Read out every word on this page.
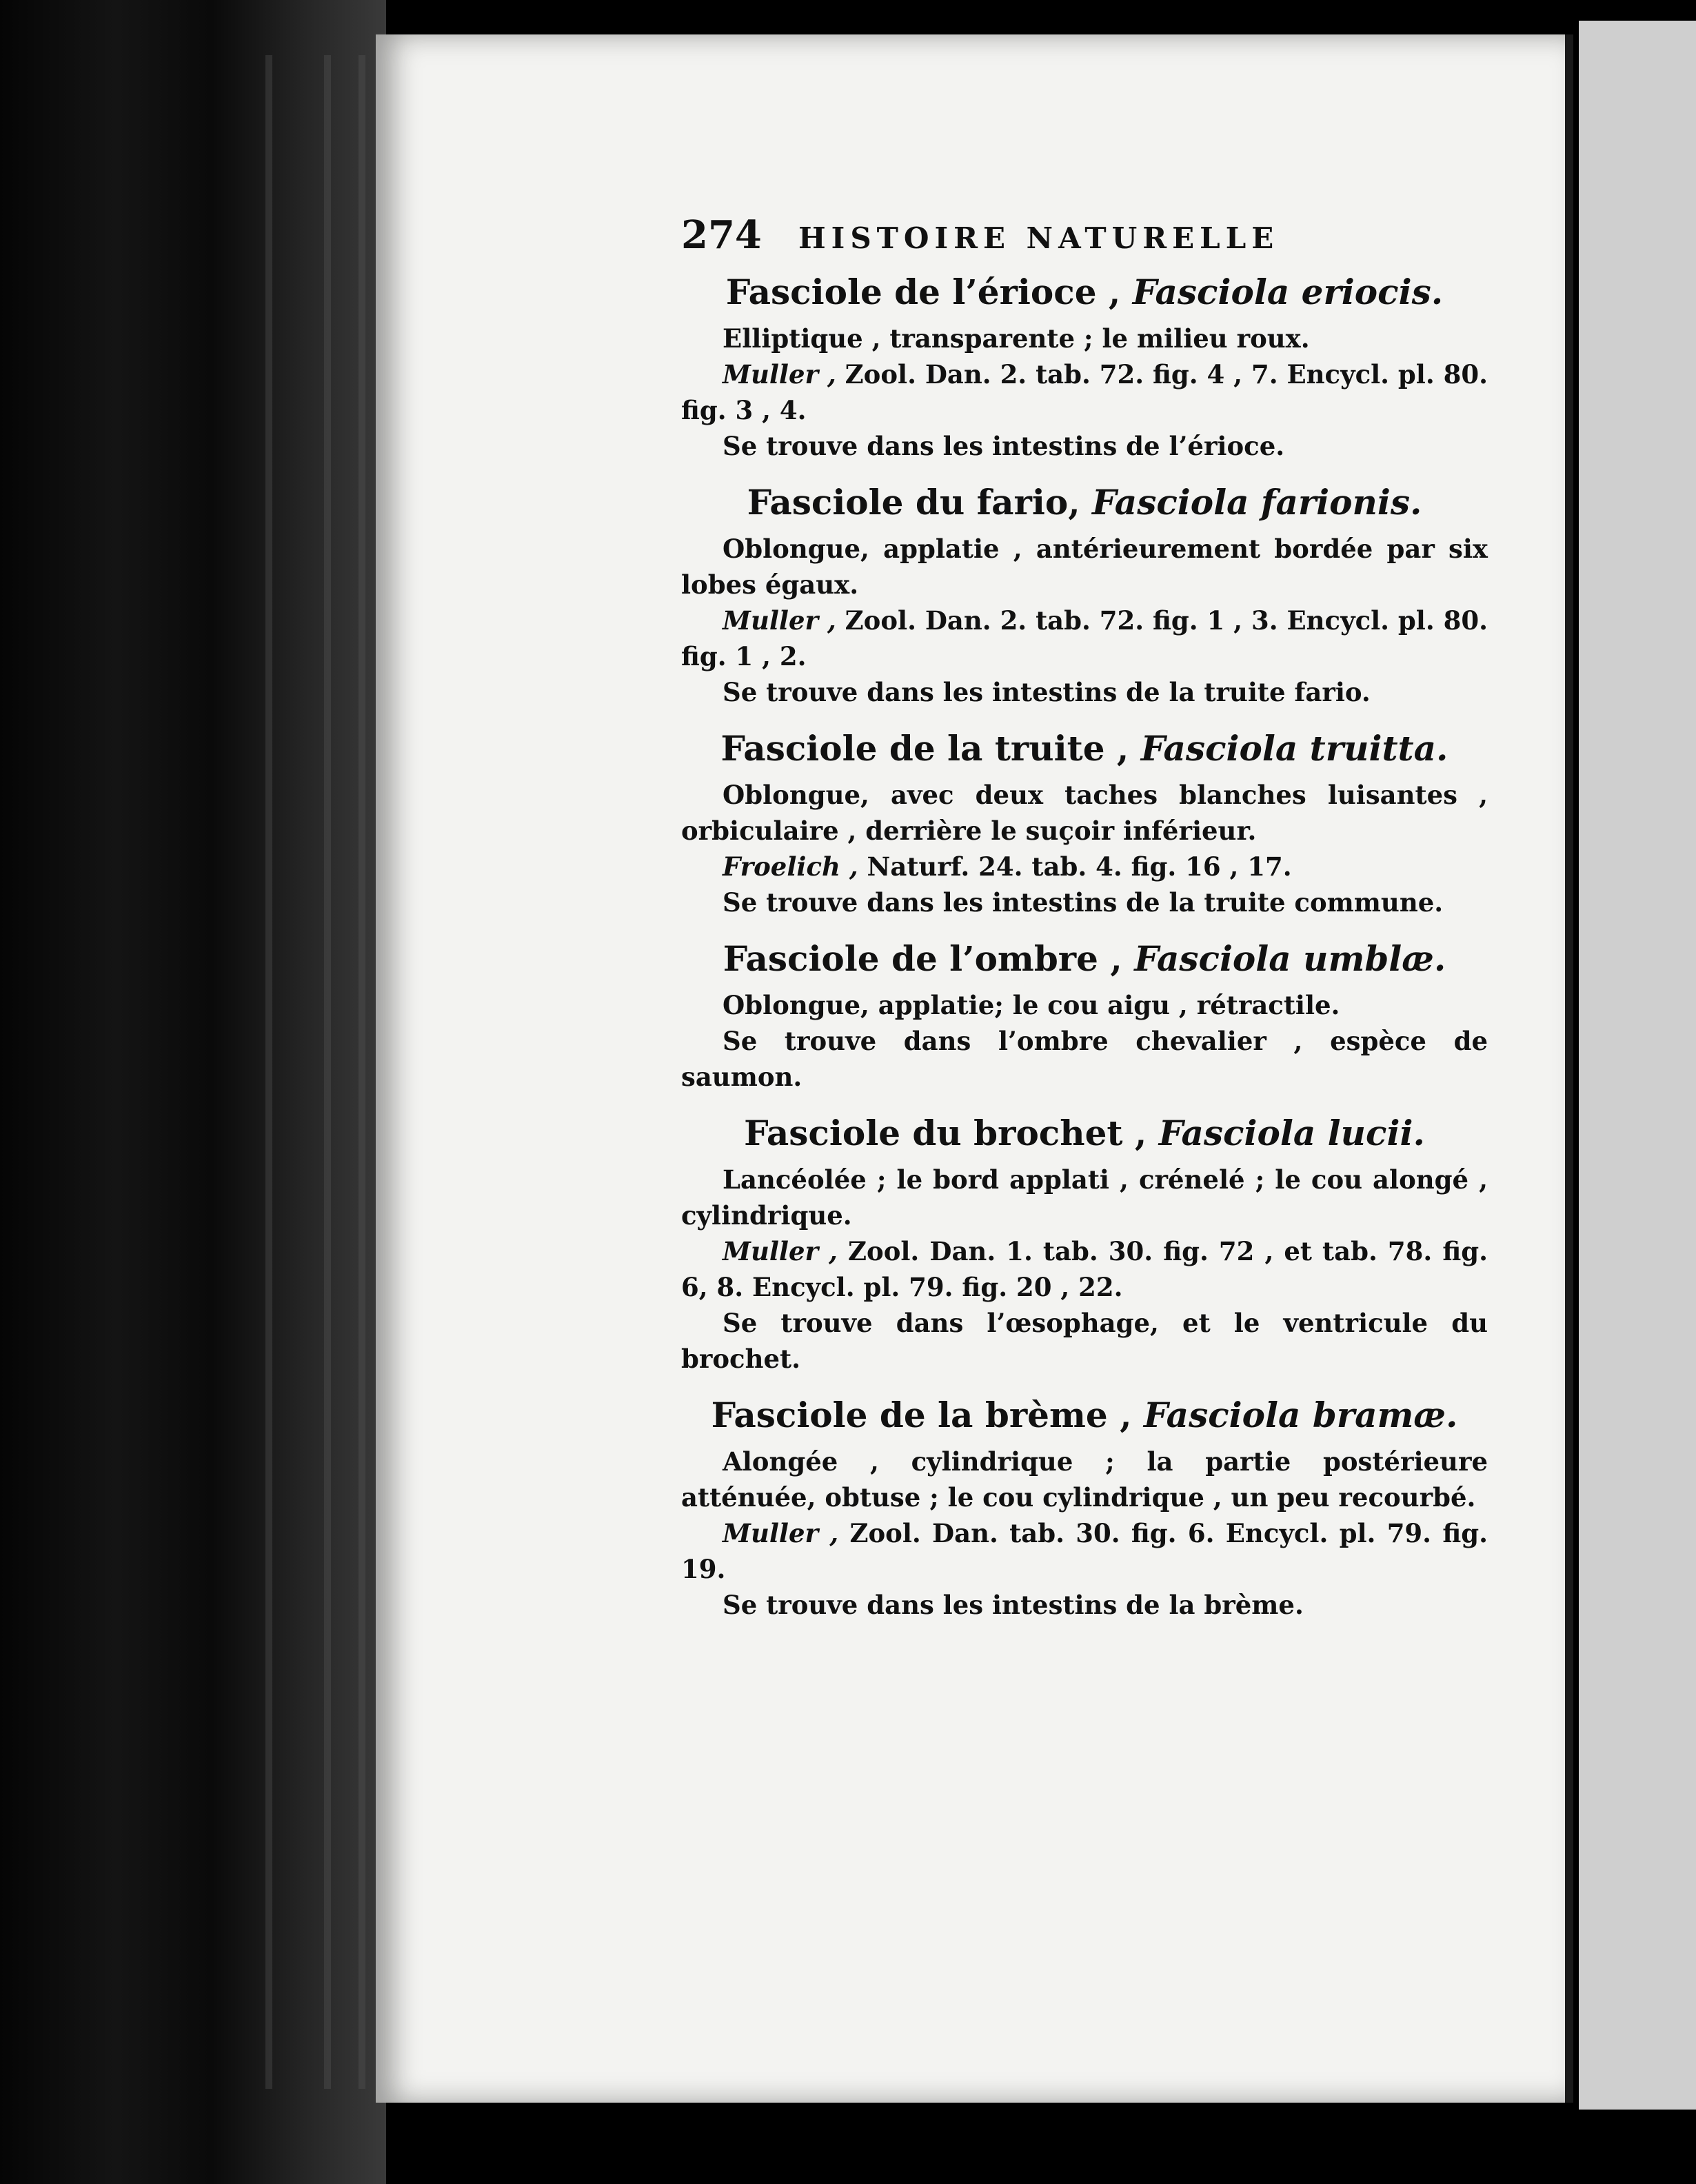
274	HISTOIRE NATURELLE

Fasciole de l’érioce , Fasciola eriocis.

Elliptique , transparente ; le milieu roux.

Muller , Zool. Dan. 2. tab. 72. fig. 4 , 7. Encycl. pl. 80. fig. 3 , 4.

Se trouve dans les intestins de l’érioce.

Fasciole du fario, Fasciola farionis.

Oblongue, applatie , antérieurement bordée par six lobes égaux.

Muller , Zool. Dan. 2. tab. 72. fig. 1 , 3. Encycl. pl. 80. fig. 1 , 2.

Se trouve dans les intestins de la truite fario.

Fasciole de la truite , Fasciola truitta.

Oblongue, avec deux taches blanches luisantes , orbiculaire , derrière le suçoir inférieur.

Froelich , Naturf. 24. tab. 4. fig. 16 , 17.

Se trouve dans les intestins de la truite commune.

Fasciole de l’ombre , Fasciola umblæ.

Oblongue, applatie; le cou aigu , rétractile.

Se trouve dans l’ombre chevalier , espèce de saumon.

Fasciole du brochet , Fasciola lucii.

Lancéolée ; le bord applati , crénelé ; le cou alongé , cylindrique.

Muller , Zool. Dan. 1. tab. 30. fig. 72 , et tab. 78. fig. 6, 8. Encycl. pl. 79. fig. 20 , 22.

Se trouve dans l’œsophage, et le ventricule du brochet.

Fasciole de la brème , Fasciola bramæ.

Alongée , cylindrique ; la partie postérieure atténuée, obtuse ; le cou cylindrique , un peu recourbé.

Muller , Zool. Dan. tab. 30. fig. 6. Encycl. pl. 79. fig. 19.

Se trouve dans les intestins de la brème.
